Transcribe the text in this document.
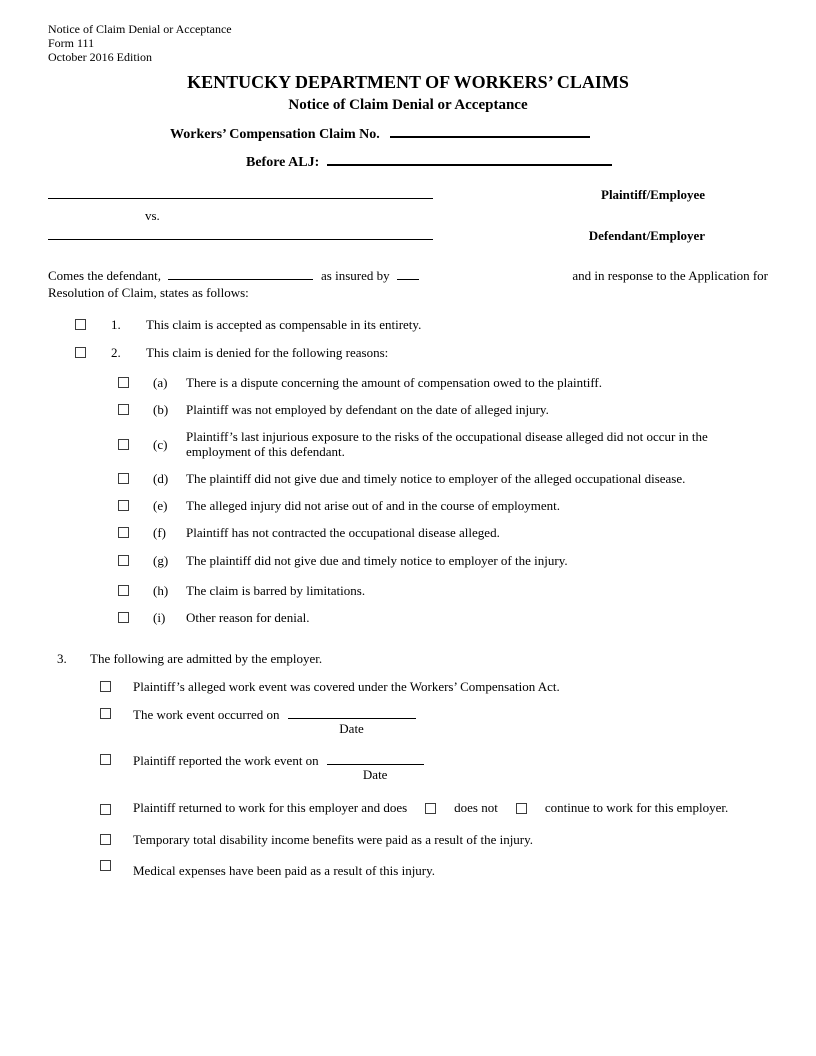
Notice of Claim Denial or Acceptance
Form 111
October 2016 Edition
KENTUCKY DEPARTMENT OF WORKERS’ CLAIMS
Notice of Claim Denial or Acceptance
Workers’ Compensation Claim No.
Before ALJ:
Plaintiff/Employee
vs.
Defendant/Employer
Comes the defendant,	as insured by	and in response to the Application for
Resolution of Claim, states as follows:
1.	This claim is accepted as compensable in its entirety.
2.	This claim is denied for the following reasons:
(a)	There is a dispute concerning the amount of compensation owed to the plaintiff.
(b)	Plaintiff was not employed by defendant on the date of alleged injury.
(c)	Plaintiff’s last injurious exposure to the risks of the occupational disease alleged did not occur in the employment of this defendant.
(d)	The plaintiff did not give due and timely notice to employer of the alleged occupational disease.
(e)	The alleged injury did not arise out of and in the course of employment.
(f)	Plaintiff has not contracted the occupational disease alleged.
(g)	The plaintiff did not give due and timely notice to employer of the injury.
(h)	The claim is barred by limitations.
(i)	Other reason for denial.
3.	The following are admitted by the employer.
Plaintiff’s alleged work event was covered under the Workers’ Compensation Act.
The work event occurred on
Date
Plaintiff reported the work event on
Date
Plaintiff returned to work for this employer and does	does not	continue to work for this employer.
Temporary total disability income benefits were paid as a result of the injury.
Medical expenses have been paid as a result of this injury.
